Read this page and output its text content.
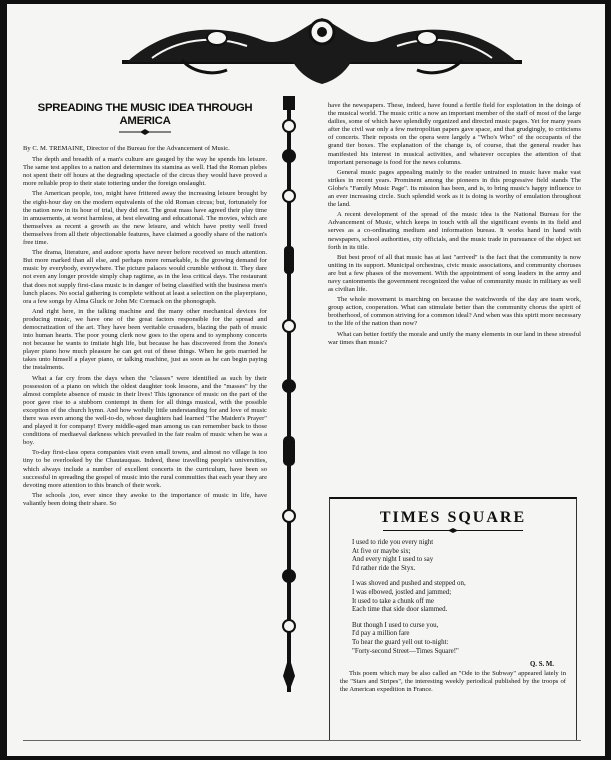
SPREADING THE MUSIC IDEA THROUGH AMERICA

By C. M. TREMAINE, Director of the Bureau for the Advancement of Music.

The depth and breadth of a man's culture are gauged by the way he spends his leisure. The same test applies to a nation and determines its stamina as well. Had the Roman plebes not spent their off hours at the degrading spectacle of the circus they would have proved a more reliable prop to their state tottering under the foreign onslaught.

The American people, too, might have frittered away the increasing leisure brought by the eight-hour day on the modern equivalents of the old Roman circus; but, fortunately for the nation now in its hour of trial, they did not. The great mass have agreed their play time in amusements, at worst harmless, at best elevating and educational. The movies, which are themselves as recent a growth as the new leisure, and which have pretty well freed themselves from all their objectionable features, have claimed a goodly share of the nation's free time.

The drama, literature, and audoor sports have never before received so much attention. But more marked than all else, and perhaps more remarkable, is the growing demand for music by everybody, everywhere. The picture palaces would crumble without it. They dare not even any longer provide simply chap ragtime, as in the less critical days. The restaurant that does not supply first-class music is in danger of being classified with the business men's lunch places. No social gathering is complete without at least a selection on the playerpiano, ora a few songs by Alma Gluck or John Mc Cormack on the phonograph.

And right here, in the talking machine and the many other mechanical devices for producing music, we have one of the great factors responsible for the spread and democratization of the art. They have been veritable crusaders, blazing the path of music into human hearts. The poor young clerk now goes to the opera and to symphony concerts not because he wants to imitate high life, but because he has discovered from the Jones's player piano how much pleasure he can get out of these things. When he gets married he takes unto himself a player piano, or talking machine, just as soon as he can begin paying the instalments.

What a far cry from the days when the "classes" were identified as such by their possession of a piano on which the oldest daughter took lessons, and the "masses" by the almost complete absence of music in their lives! This ignorance of music on the part of the poor gave rise to a stubborn contempt in them for all things musical, with the possible exception of the church hymn. And how wofully little understanding for and love of music there was even among the well-to-do, whose daughters had learned "The Maiden's Prayer" and played it for company! Every middle-aged man among us can remember back to those conditions of mediaeval darkness which prevailed in the fair realm of music when he was a boy.

To-day first-class opera companies visit even small towns, and almost no village is too tiny to be overlooked by the Chautauquas. Indeed, these travelling people's universities, which always include a number of excellent concerts in the curriculum, have been so successful in spreading the gospel of music into the rural commuities that each year they are devoting more attention to this branch of their work.

The schools ,too, ever since they awoke to the importance of music in life, have valiantly been doing their share. So

have the newspapers. These, indeed, have found a fertile field for explotation in the doings of the musical world. The music critic a now an important member of the staff of most of the large dailies, some of which have splendidly organized and directed music pages. Yet for many years after the civil war only a few metropolitan papers gave space, and that grudgingly, to criticisms of concerts. Their reposts on the opera were largely a "Who's Who" of the occupants of the grand tier boxes. The explanation of the change is, of course, that the general reader has manifested his interest in musical activities, and whatever occupies the attention of that important personage is food for the news columns.

General music pages appealing mainly to the reader untrained in music have make vast strikes in recent years. Prominent among the pioneers in this progressive field stands The Globe's "Family Music Page". Its mission has been, and is, to bring music's happy influence to an ever increasing circle. Such splendid work as it is doing is worthy of emulation throughout the land.

A recent development of the spread of the music idea is the National Bureau for the Advancement of Music, which keeps in touch with all the significant events in its field and serves as a co-ordinating medium and information bureau. It works hand in hand with newspapers, school authorities, city officials, and the music trade in pursuance of the object set forth in its title.

But best proof of all that music has at last "arrived" is the fact that the community is now uniting in its support. Municipal orchestras, civic music associations, and community choruses are but a few phases of the movement. With the appointment of song leaders in the army and navy cantonments the government recognized the value of community music in military as well as civilian life.

The whole movement is marching on because the watchwords of the day are team work, group action, cooperation. What can stimulate better than the community chorus the spirit of brotherhood, of common striving for a common ideal? And when was this spirit more necessary to the life of the nation than now?

What can better fortify the morale and unify the many elements in our land in these stressful war times than music?

TIMES SQUARE
I used to ride you every night
At five or maybe six;
And every night I used to say
I'd rather ride the Styx.
I was shoved and pushed and stepped on,
I was elbowed, jostled and jammed;
It used to take a chunk off me
Each time that side door slammed.
But though I used to curse you,
I'd pay a million fare
To hear the guard yell out to-night:
"Forty-second Street—Times Square!"
Q. S. M.
This poem which may be also called an "Ode to the Subway" appeared lately in the "Stars and Stripes", the interesting weekly periodical published by the troops of the American expedition in France.
